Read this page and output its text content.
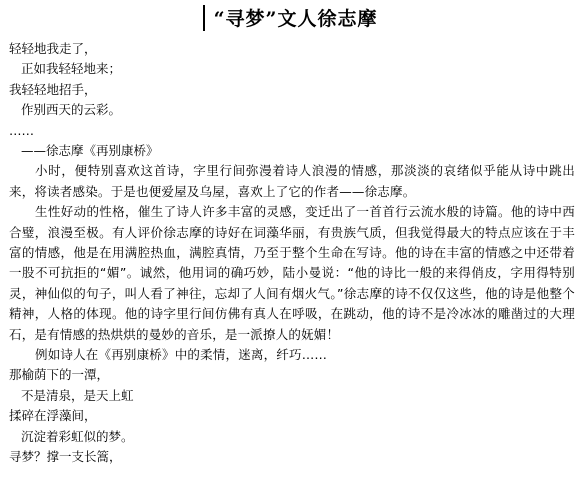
“寻梦”文人徐志摩
轻轻地我走了，
正如我轻轻地来；
我轻轻地招手，
作别西天的云彩。
……
——徐志摩《再别康桥》
小时，便特别喜欢这首诗，字里行间弥漫着诗人浪漫的情感，那淡淡的哀绪似乎能从诗中跳出来，将读者感染。于是也便爱屋及乌屋，喜欢上了它的作者——徐志摩。
生性好动的性格，催生了诗人许多丰富的灵感，变迁出了一首首行云流水般的诗篇。他的诗中西合璧，浪漫至极。有人评价徐志摩的诗好在词藻华丽，有贵族气质，但我觉得最大的特点应该在于丰富的情感，他是在用满腔热血，满腔真情，乃至于整个生命在写诗。他的诗在丰富的情感之中还带着一股不可抗拒的“媚”。诚然，他用词的确巧妙，陆小曼说：“他的诗比一般的来得俏皮，字用得特别灵，神仙似的句子，叫人看了神往，忘却了人间有烟火气。”徐志摩的诗不仅仅这些，他的诗是他整个精神，人格的体现。他的诗字里行间仿佛有真人在呼吸，在跳动，他的诗不是冷冰冰的雕凿过的大理石，是有情感的热烘烘的曼妙的音乐，是一派撩人的妩媚！
例如诗人在《再别康桥》中的柔情，迷离，纤巧……
那榆荫下的一潭，
不是清泉，是天上虹
揉碎在浮藻间，
沉淀着彩虹似的梦。
寻梦？撑一支长篙，
